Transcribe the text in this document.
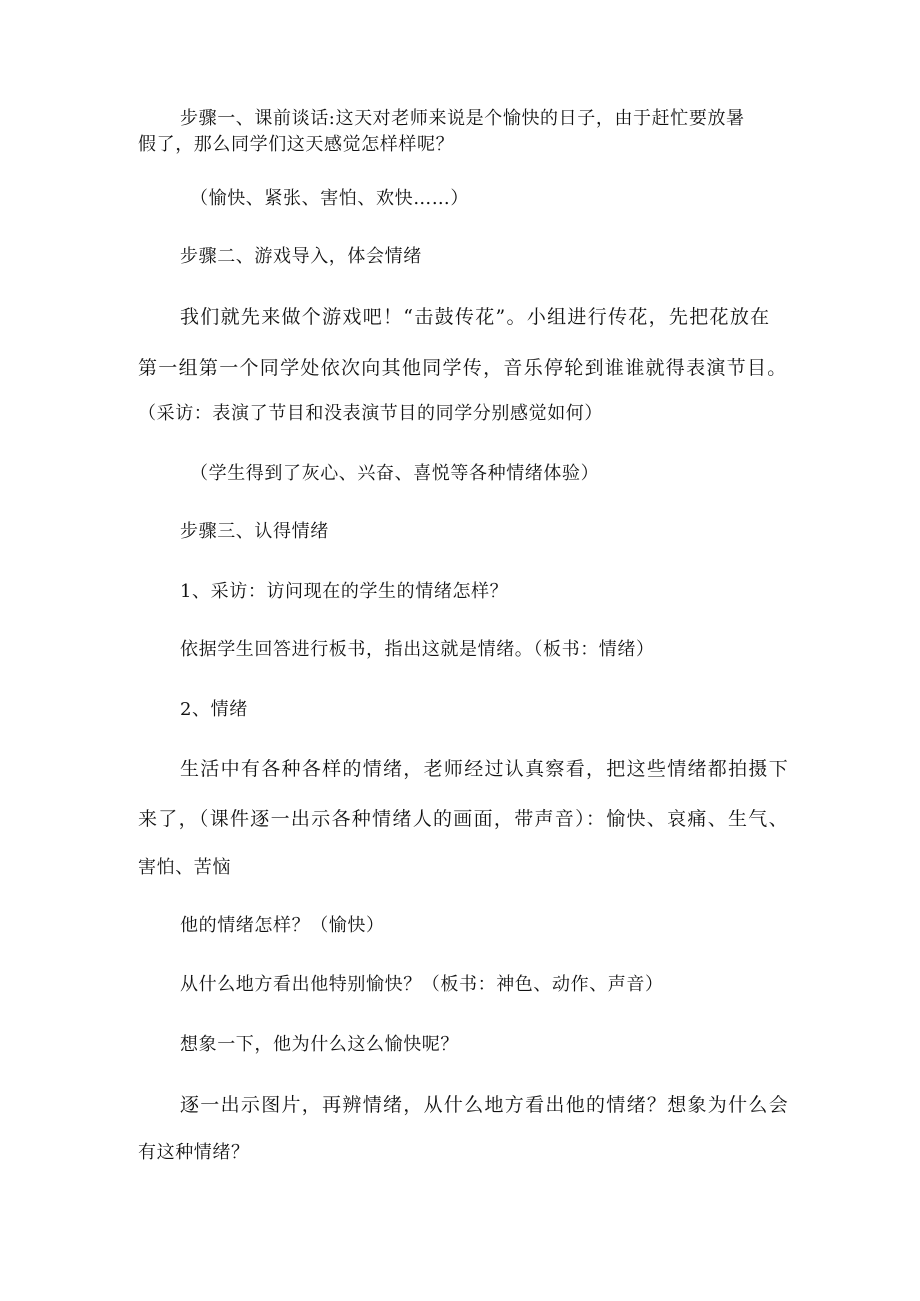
步骤一、课前谈话:这天对老师来说是个愉快的日子，由于赶忙要放暑
假了，那么同学们这天感觉怎样样呢？
（愉快、紧张、害怕、欢快……）
步骤二、游戏导入，体会情绪
我们就先来做个游戏吧！“击鼓传花”。小组进行传花，先把花放在
第一组第一个同学处依次向其他同学传，音乐停轮到谁谁就得表演节目。
（采访：表演了节目和没表演节目的同学分别感觉如何）
（学生得到了灰心、兴奋、喜悦等各种情绪体验）
步骤三、认得情绪
1、采访：访问现在的学生的情绪怎样？
依据学生回答进行板书，指出这就是情绪。（板书：情绪）
2、情绪
生活中有各种各样的情绪，老师经过认真察看，把这些情绪都拍摄下
来了，（课件逐一出示各种情绪人的画面，带声音）：愉快、哀痛、生气、
害怕、苦恼
他的情绪怎样？（愉快）
从什么地方看出他特别愉快？（板书：神色、动作、声音）
想象一下，他为什么这么愉快呢？
逐一出示图片，再辨情绪，从什么地方看出他的情绪？想象为什么会
有这种情绪？
